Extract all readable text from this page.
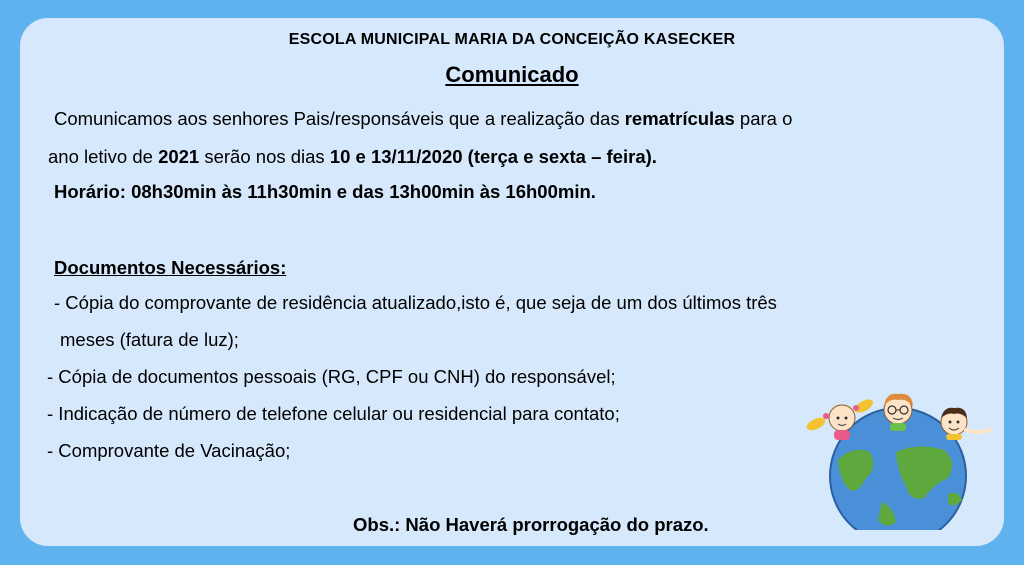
ESCOLA MUNICIPAL MARIA DA CONCEIÇÃO KASECKER
Comunicado
Comunicamos aos senhores Pais/responsáveis que a realização das rematrículas para o
ano letivo de 2021 serão nos dias 10 e 13/11/2020 (terça e sexta – feira).
Horário: 08h30min às 11h30min e das 13h00min às 16h00min.
Documentos Necessários:
- Cópia do comprovante de residência atualizado,isto é, que seja de um dos últimos três
meses (fatura de luz);
- Cópia de documentos pessoais (RG, CPF ou CNH) do responsável;
- Indicação de número de telefone celular ou residencial para contato;
- Comprovante de Vacinação;
Obs.: Não Haverá prorrogação do prazo.
